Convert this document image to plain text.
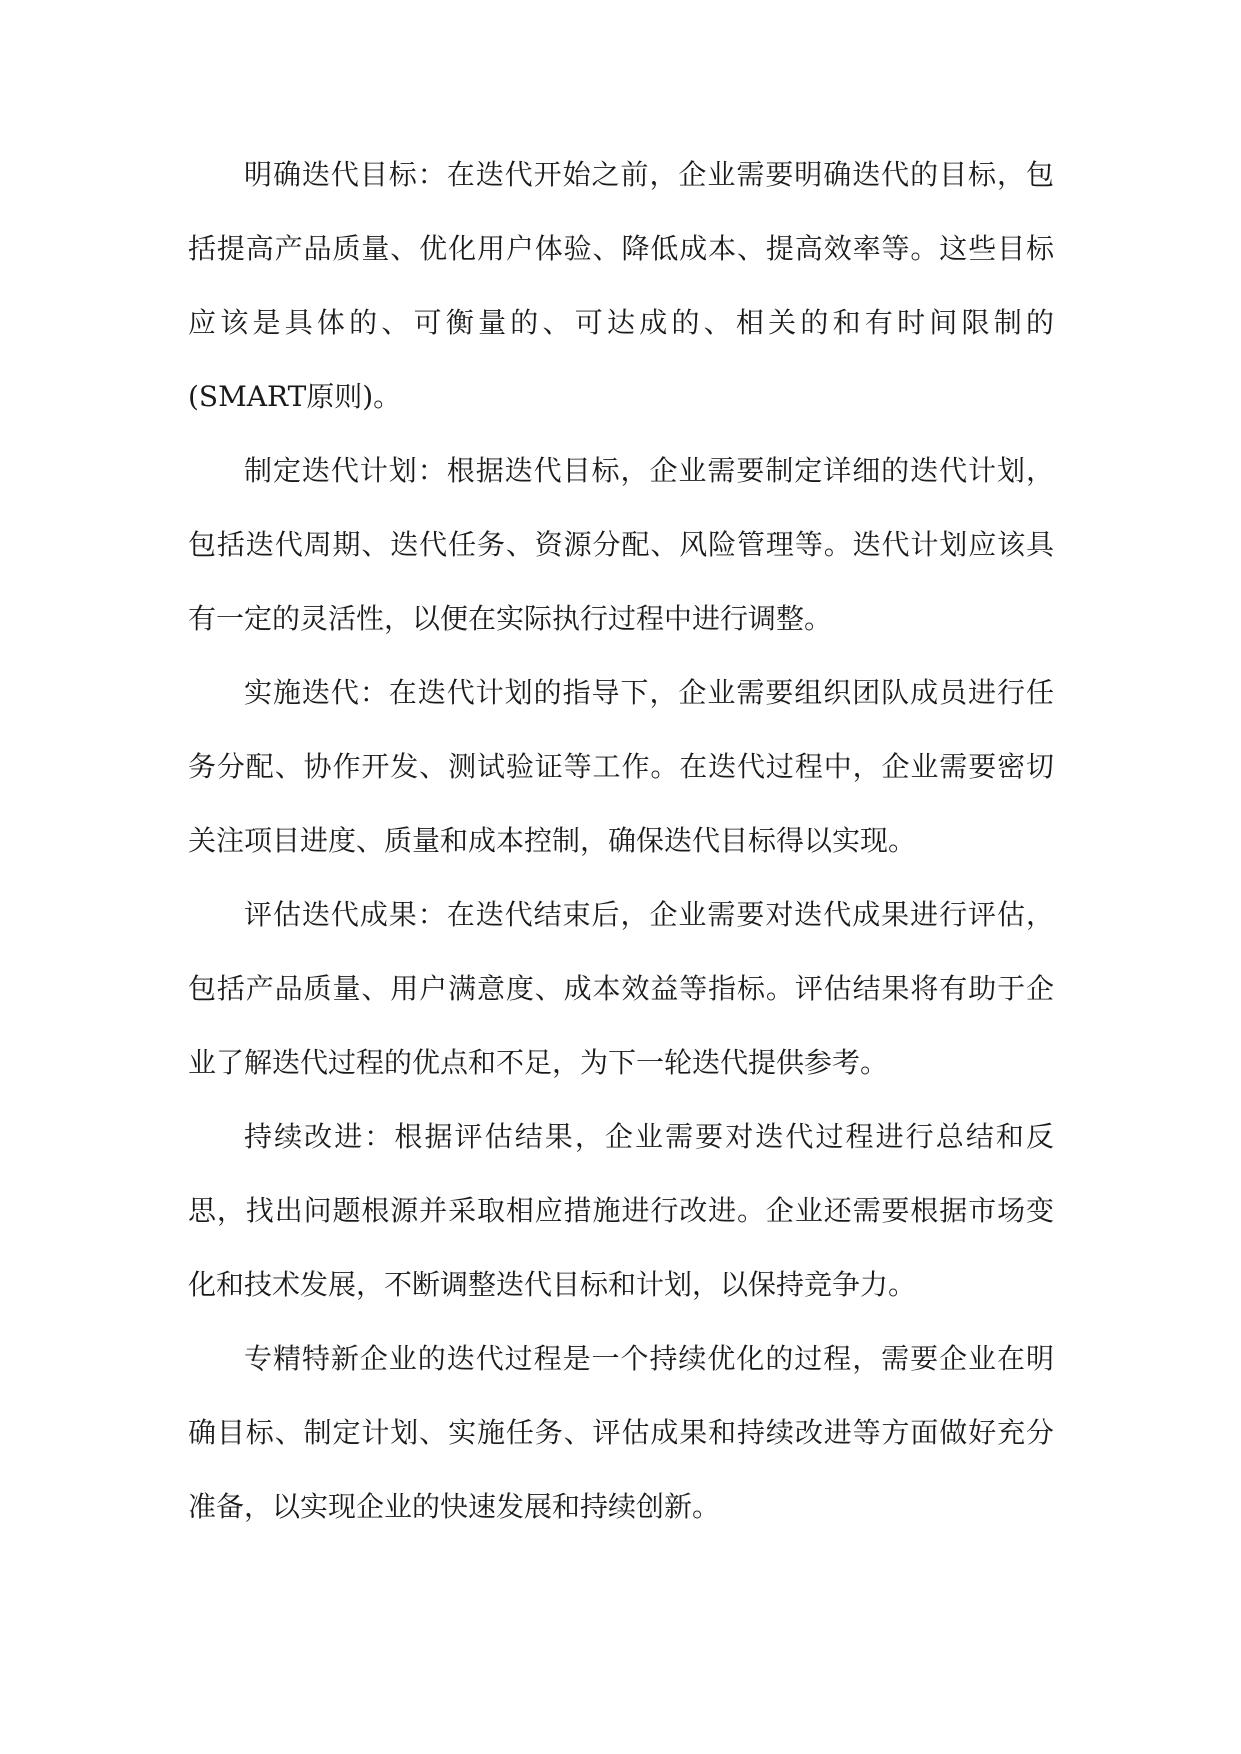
明确迭代目标：在迭代开始之前，企业需要明确迭代的目标，包括提高产品质量、优化用户体验、降低成本、提高效率等。这些目标应该是具体的、可衡量的、可达成的、相关的和有时间限制的(SMART原则)。

制定迭代计划：根据迭代目标，企业需要制定详细的迭代计划，包括迭代周期、迭代任务、资源分配、风险管理等。迭代计划应该具有一定的灵活性，以便在实际执行过程中进行调整。

实施迭代：在迭代计划的指导下，企业需要组织团队成员进行任务分配、协作开发、测试验证等工作。在迭代过程中，企业需要密切关注项目进度、质量和成本控制，确保迭代目标得以实现。

评估迭代成果：在迭代结束后，企业需要对迭代成果进行评估，包括产品质量、用户满意度、成本效益等指标。评估结果将有助于企业了解迭代过程的优点和不足，为下一轮迭代提供参考。

持续改进：根据评估结果，企业需要对迭代过程进行总结和反思，找出问题根源并采取相应措施进行改进。企业还需要根据市场变化和技术发展，不断调整迭代目标和计划，以保持竞争力。

专精特新企业的迭代过程是一个持续优化的过程，需要企业在明确目标、制定计划、实施任务、评估成果和持续改进等方面做好充分准备，以实现企业的快速发展和持续创新。
